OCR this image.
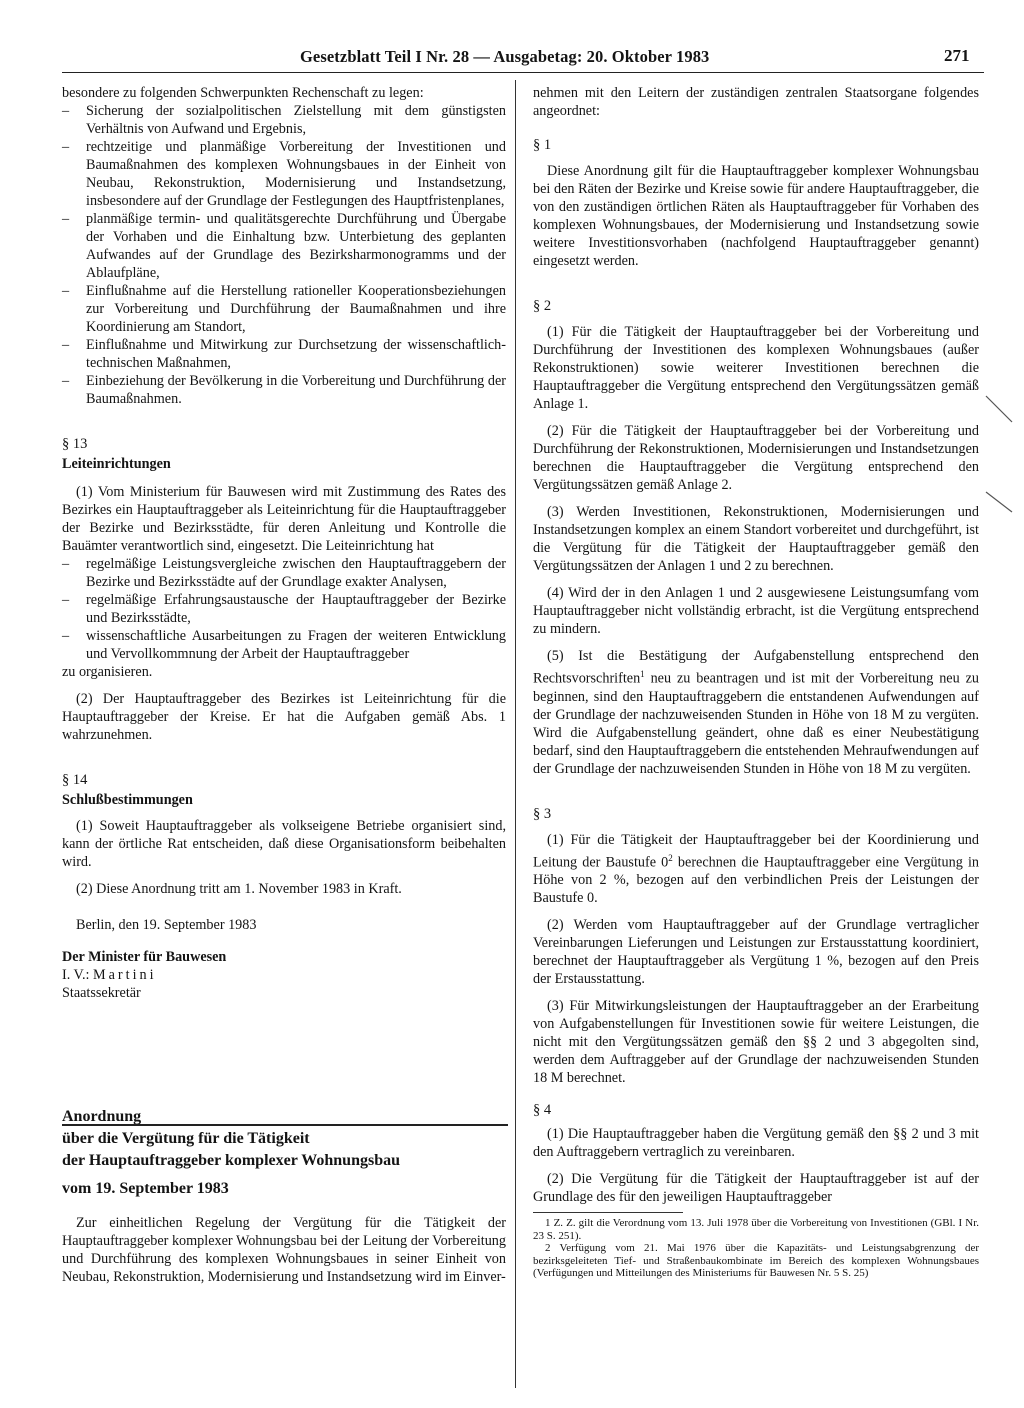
Gesetzblatt Teil I Nr. 28 — Ausgabetag: 20. Oktober 1983	271

besondere zu folgenden Schwerpunkten Rechenschaft zu legen:

– Sicherung der sozialpolitischen Zielstellung mit dem günstigsten Verhältnis von Aufwand und Ergebnis,
– rechtzeitige und planmäßige Vorbereitung der Investitionen und Baumaßnahmen des komplexen Wohnungsbaues in der Einheit von Neubau, Rekonstruktion, Modernisierung und Instandsetzung, insbesondere auf der Grundlage der Festlegungen des Hauptfristenplanes,
– planmäßige termin- und qualitätsgerechte Durchführung und Übergabe der Vorhaben und die Einhaltung bzw. Unterbietung des geplanten Aufwandes auf der Grundlage des Bezirksharmonogramms und der Ablaufpläne,
– Einflußnahme auf die Herstellung rationeller Kooperationsbeziehungen zur Vorbereitung und Durchführung der Baumaßnahmen und ihre Koordinierung am Standort,
– Einflußnahme und Mitwirkung zur Durchsetzung der wissenschaftlich-technischen Maßnahmen,
– Einbeziehung der Bevölkerung in die Vorbereitung und Durchführung der Baumaßnahmen.

§ 13

Leiteinrichtungen

(1) Vom Ministerium für Bauwesen wird mit Zustimmung des Rates des Bezirkes ein Hauptauftraggeber als Leiteinrichtung für die Hauptauftraggeber der Bezirke und Bezirksstädte, für deren Anleitung und Kontrolle die Bauämter verantwortlich sind, eingesetzt. Die Leiteinrichtung hat

– regelmäßige Leistungsvergleiche zwischen den Hauptauftraggebern der Bezirke und Bezirksstädte auf der Grundlage exakter Analysen,
– regelmäßige Erfahrungsaustausche der Hauptauftraggeber der Bezirke und Bezirksstädte,
– wissenschaftliche Ausarbeitungen zu Fragen der weiteren Entwicklung und Vervollkommnung der Arbeit der Hauptauftraggeber

zu organisieren.

(2) Der Hauptauftraggeber des Bezirkes ist Leiteinrichtung für die Hauptauftraggeber der Kreise. Er hat die Aufgaben gemäß Abs. 1 wahrzunehmen.

§ 14

Schlußbestimmungen

(1) Soweit Hauptauftraggeber als volkseigene Betriebe organisiert sind, kann der örtliche Rat entscheiden, daß diese Organisationsform beibehalten wird.

(2) Diese Anordnung tritt am 1. November 1983 in Kraft.

Berlin, den 19. September 1983

Der Minister für Bauwesen

I. V.: Martini

Staatssekretär

Anordnung

über die Vergütung für die Tätigkeit

der Hauptauftraggeber komplexer Wohnungsbau

vom 19. September 1983

Zur einheitlichen Regelung der Vergütung für die Tätigkeit der Hauptauftraggeber komplexer Wohnungsbau bei der Leitung der Vorbereitung und Durchführung des komplexen Wohnungsbaues in seiner Einheit von Neubau, Rekonstruktion, Modernisierung und Instandsetzung wird im Einver-

nehmen mit den Leitern der zuständigen zentralen Staatsorgane folgendes angeordnet:

§ 1

Diese Anordnung gilt für die Hauptauftraggeber komplexer Wohnungsbau bei den Räten der Bezirke und Kreise sowie für andere Hauptauftraggeber, die von den zuständigen örtlichen Räten als Hauptauftraggeber für Vorhaben des komplexen Wohnungsbaues, der Modernisierung und Instandsetzung sowie weitere Investitionsvorhaben (nachfolgend Hauptauftraggeber genannt) eingesetzt werden.

§ 2

(1) Für die Tätigkeit der Hauptauftraggeber bei der Vorbereitung und Durchführung der Investitionen des komplexen Wohnungsbaues (außer Rekonstruktionen) sowie weiterer Investitionen berechnen die Hauptauftraggeber die Vergütung entsprechend den Vergütungssätzen gemäß Anlage 1.

(2) Für die Tätigkeit der Hauptauftraggeber bei der Vorbereitung und Durchführung der Rekonstruktionen, Modernisierungen und Instandsetzungen berechnen die Hauptauftraggeber die Vergütung entsprechend den Vergütungssätzen gemäß Anlage 2.

(3) Werden Investitionen, Rekonstruktionen, Modernisierungen und Instandsetzungen komplex an einem Standort vorbereitet und durchgeführt, ist die Vergütung für die Tätigkeit der Hauptauftraggeber gemäß den Vergütungssätzen der Anlagen 1 und 2 zu berechnen.

(4) Wird der in den Anlagen 1 und 2 ausgewiesene Leistungsumfang vom Hauptauftraggeber nicht vollständig erbracht, ist die Vergütung entsprechend zu mindern.

(5) Ist die Bestätigung der Aufgabenstellung entsprechend den Rechtsvorschriften$^1$ neu zu beantragen und ist mit der Vorbereitung neu zu beginnen, sind den Hauptauftraggebern die entstandenen Aufwendungen auf der Grundlage der nachzuweisenden Stunden in Höhe von 18 M zu vergüten. Wird die Aufgabenstellung geändert, ohne daß es einer Neubestätigung bedarf, sind den Hauptauftraggebern die entstehenden Mehraufwendungen auf der Grundlage der nachzuweisenden Stunden in Höhe von 18 M zu vergüten.

§ 3

(1) Für die Tätigkeit der Hauptauftraggeber bei der Koordinierung und Leitung der Baustufe $0^2$ berechnen die Hauptauftraggeber eine Vergütung in Höhe von 2 %, bezogen auf den verbindlichen Preis der Leistungen der Baustufe 0.

(2) Werden vom Hauptauftraggeber auf der Grundlage vertraglicher Vereinbarungen Lieferungen und Leistungen zur Erstausstattung koordiniert, berechnet der Hauptauftraggeber als Vergütung 1 %, bezogen auf den Preis der Erstausstattung.

(3) Für Mitwirkungsleistungen der Hauptauftraggeber an der Erarbeitung von Aufgabenstellungen für Investitionen sowie für weitere Leistungen, die nicht mit den Vergütungssätzen gemäß den §§ 2 und 3 abgegolten sind, werden dem Auftraggeber auf der Grundlage der nachzuweisenden Stunden 18 M berechnet.

§ 4

(1) Die Hauptauftraggeber haben die Vergütung gemäß den §§ 2 und 3 mit den Auftraggebern vertraglich zu vereinbaren.

(2) Die Vergütung für die Tätigkeit der Hauptauftraggeber ist auf der Grundlage des für den jeweiligen Hauptauftraggeber

1 Z. Z. gilt die Verordnung vom 13. Juli 1978 über die Vorbereitung von Investitionen (GBl. I Nr. 23 S. 251).

2 Verfügung vom 21. Mai 1976 über die Kapazitäts- und Leistungsabgrenzung der bezirksgeleiteten Tief- und Straßenbaukombinate im Bereich des komplexen Wohnungsbaues (Verfügungen und Mitteilungen des Ministeriums für Bauwesen Nr. 5 S. 25)
